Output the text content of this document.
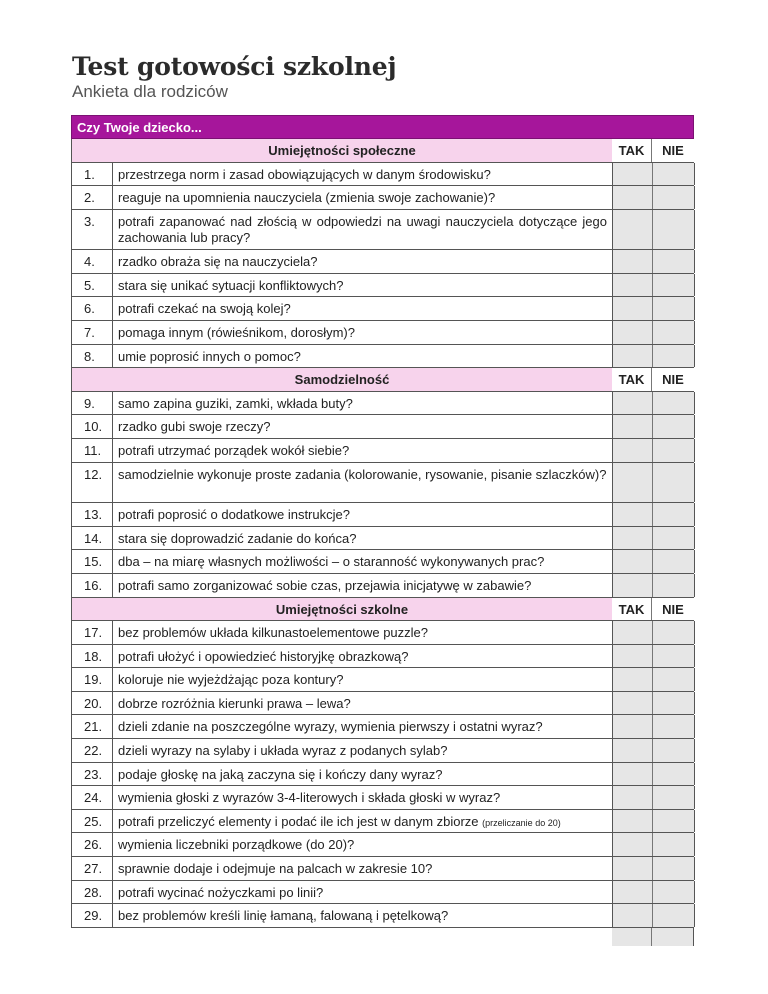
Test gotowości szkolnej
Ankieta dla rodziców
Czy Twoje dziecko...
Umiejętności społeczne	TAK	NIE
1.	przestrzega norm i zasad obowiązujących w danym środowisku?
2.	reaguje na upomnienia nauczyciela (zmienia swoje zachowanie)?
3.	potrafi zapanować nad złością w odpowiedzi na uwagi nauczyciela dotyczące jego zachowania lub pracy?
4.	rzadko obraża się na nauczyciela?
5.	stara się unikać sytuacji konfliktowych?
6.	potrafi czekać na swoją kolej?
7.	pomaga innym (rówieśnikom, dorosłym)?
8.	umie poprosić innych o pomoc?
Samodzielność	TAK	NIE
9.	samo zapina guziki, zamki, wkłada buty?
10.	rzadko gubi swoje rzeczy?
11.	potrafi utrzymać porządek wokół siebie?
12.	samodzielnie wykonuje proste zadania (kolorowanie, rysowanie, pisanie szlaczków)?
13.	potrafi poprosić o dodatkowe instrukcje?
14.	stara się doprowadzić zadanie do końca?
15.	dba – na miarę własnych możliwości – o staranność wykonywanych prac?
16.	potrafi samo zorganizować sobie czas, przejawia inicjatywę w zabawie?
Umiejętności szkolne	TAK	NIE
17.	bez problemów układa kilkunastoelementowe puzzle?
18.	potrafi ułożyć i opowiedzieć historyjkę obrazkową?
19.	koloruje nie wyjeżdżając poza kontury?
20.	dobrze rozróżnia kierunki prawa – lewa?
21.	dzieli zdanie na poszczególne wyrazy, wymienia pierwszy i ostatni wyraz?
22.	dzieli wyrazy na sylaby i układa wyraz z podanych sylab?
23.	podaje głoskę na jaką zaczyna się i kończy dany wyraz?
24.	wymienia głoski z wyrazów 3-4-literowych i składa głoski w wyraz?
25.	potrafi przeliczyć elementy i podać ile ich jest w danym zbiorze (przeliczanie do 20)
26.	wymienia liczebniki porządkowe (do 20)?
27.	sprawnie dodaje i odejmuje na palcach w zakresie 10?
28.	potrafi wycinać nożyczkami po linii?
29.	bez problemów kreśli linię łamaną, falowaną i pętelkową?
